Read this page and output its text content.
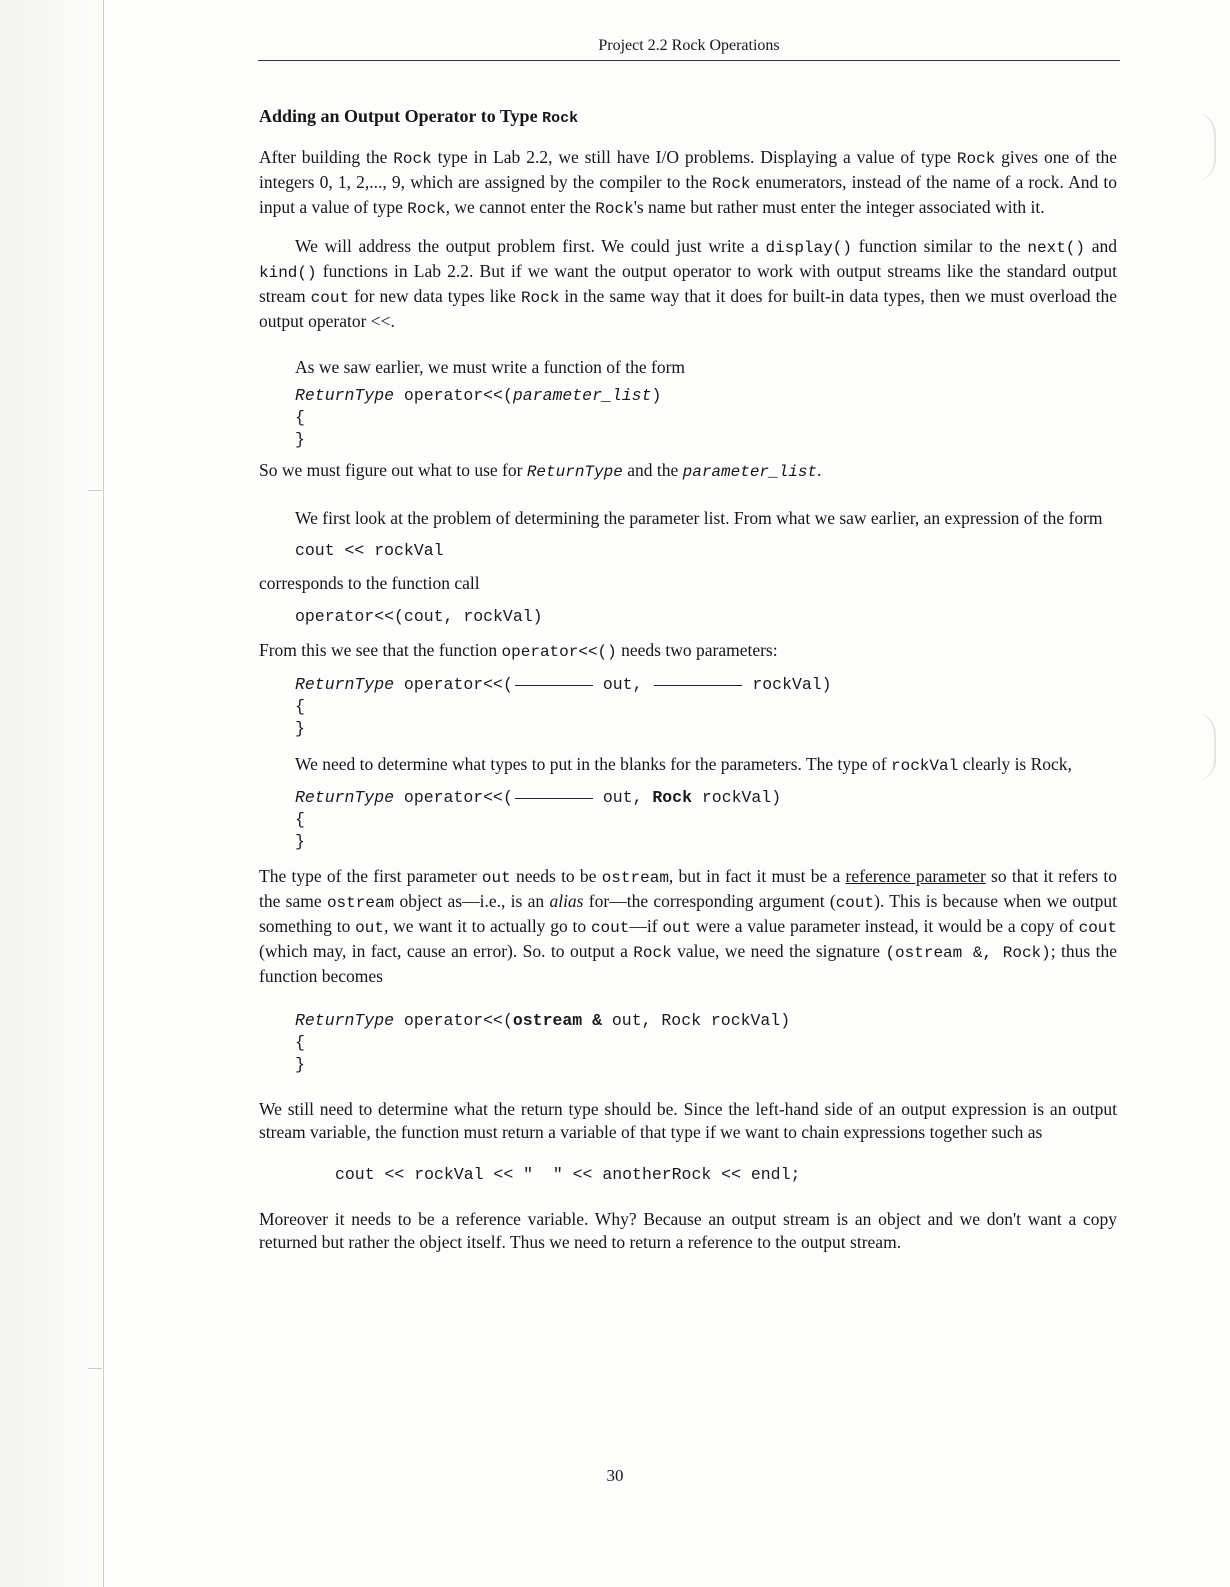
Project 2.2 Rock Operations
Adding an Output Operator to Type Rock

After building the Rock type in Lab 2.2, we still have I/O problems. Displaying a value of type Rock gives one of the integers 0, 1, 2,..., 9, which are assigned by the compiler to the Rock enumerators, instead of the name of a rock. And to input a value of type Rock, we cannot enter the Rock's name but rather must enter the integer associated with it.

We will address the output problem first. We could just write a display() function similar to the next() and kind() functions in Lab 2.2. But if we want the output operator to work with output streams like the standard output stream cout for new data types like Rock in the same way that it does for built-in data types, then we must overload the output operator <<.

As we saw earlier, we must write a function of the form

ReturnType operator<<(parameter_list)
{
}

So we must figure out what to use for ReturnType and the parameter_list.

We first look at the problem of determining the parameter list. From what we saw earlier, an expression of the form

cout << rockVal

corresponds to the function call

operator<<(cout, rockVal)

From this we see that the function operator<<() needs two parameters:

ReturnType operator<<(	out,	rockVal)
{
}

We need to determine what types to put in the blanks for the parameters. The type of rockVal clearly is Rock,

ReturnType operator<<(	out, Rock rockVal)
{
}

The type of the first parameter out needs to be ostream, but in fact it must be a reference parameter so that it refers to the same ostream object as—i.e., is an alias for—the corresponding argument (cout). This is because when we output something to out, we want it to actually go to cout—if out were a value parameter instead, it would be a copy of cout (which may, in fact, cause an error). So. to output a Rock value, we need the signature (ostream &, Rock); thus the function becomes

ReturnType operator<<(ostream & out, Rock rockVal)
{
}

We still need to determine what the return type should be. Since the left-hand side of an output expression is an output stream variable, the function must return a variable of that type if we want to chain expressions together such as

cout << rockVal << "  " << anotherRock << endl;

Moreover it needs to be a reference variable. Why? Because an output stream is an object and we don't want a copy returned but rather the object itself. Thus we need to return a reference to the output stream.

30
